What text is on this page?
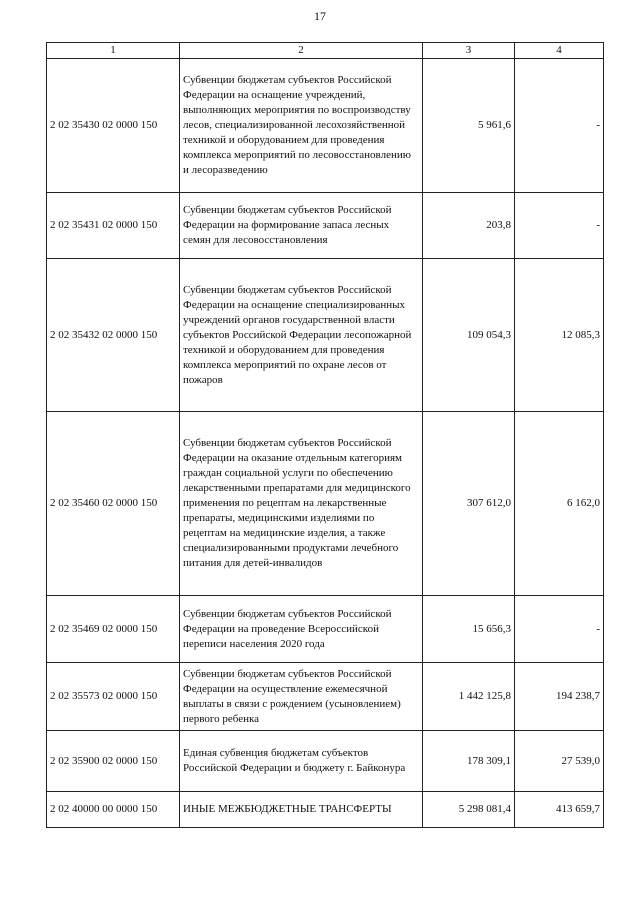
17
1	2	3	4
2 02 35430 02 0000 150	Субвенции бюджетам субъектов Российской Федерации на оснащение учреждений, выполняющих мероприятия по воспроизводству лесов, специализированной лесохозяйственной техникой и оборудованием для проведения комплекса мероприятий по лесовосстановлению и лесоразведению	5 961,6	-
2 02 35431 02 0000 150	Субвенции бюджетам субъектов Российской Федерации на формирование запаса лесных семян для лесовосстановления	203,8	-
2 02 35432 02 0000 150	Субвенции бюджетам субъектов Российской Федерации на оснащение специализированных учреждений органов государственной власти субъектов Российской Федерации лесопожарной техникой и оборудованием для проведения комплекса мероприятий по охране лесов от пожаров	109 054,3	12 085,3
2 02 35460 02 0000 150	Субвенции бюджетам субъектов Российской Федерации на оказание отдельным категориям граждан социальной услуги по обеспечению лекарственными препаратами для медицинского применения по рецептам на лекарственные препараты, медицинскими изделиями по рецептам на медицинские изделия, а также специализированными продуктами лечебного питания для детей-инвалидов	307 612,0	6 162,0
2 02 35469 02 0000 150	Субвенции бюджетам субъектов Российской Федерации на проведение Всероссийской переписи населения 2020 года	15 656,3	-
2 02 35573 02 0000 150	Субвенции бюджетам субъектов Российской Федерации на осуществление ежемесячной выплаты в связи с рождением (усыновлением) первого ребенка	1 442 125,8	194 238,7
2 02 35900 02 0000 150	Единая субвенция бюджетам субъектов Российской Федерации и бюджету г. Байконура	178 309,1	27 539,0
2 02 40000 00 0000 150	ИНЫЕ МЕЖБЮДЖЕТНЫЕ ТРАНСФЕРТЫ	5 298 081,4	413 659,7
